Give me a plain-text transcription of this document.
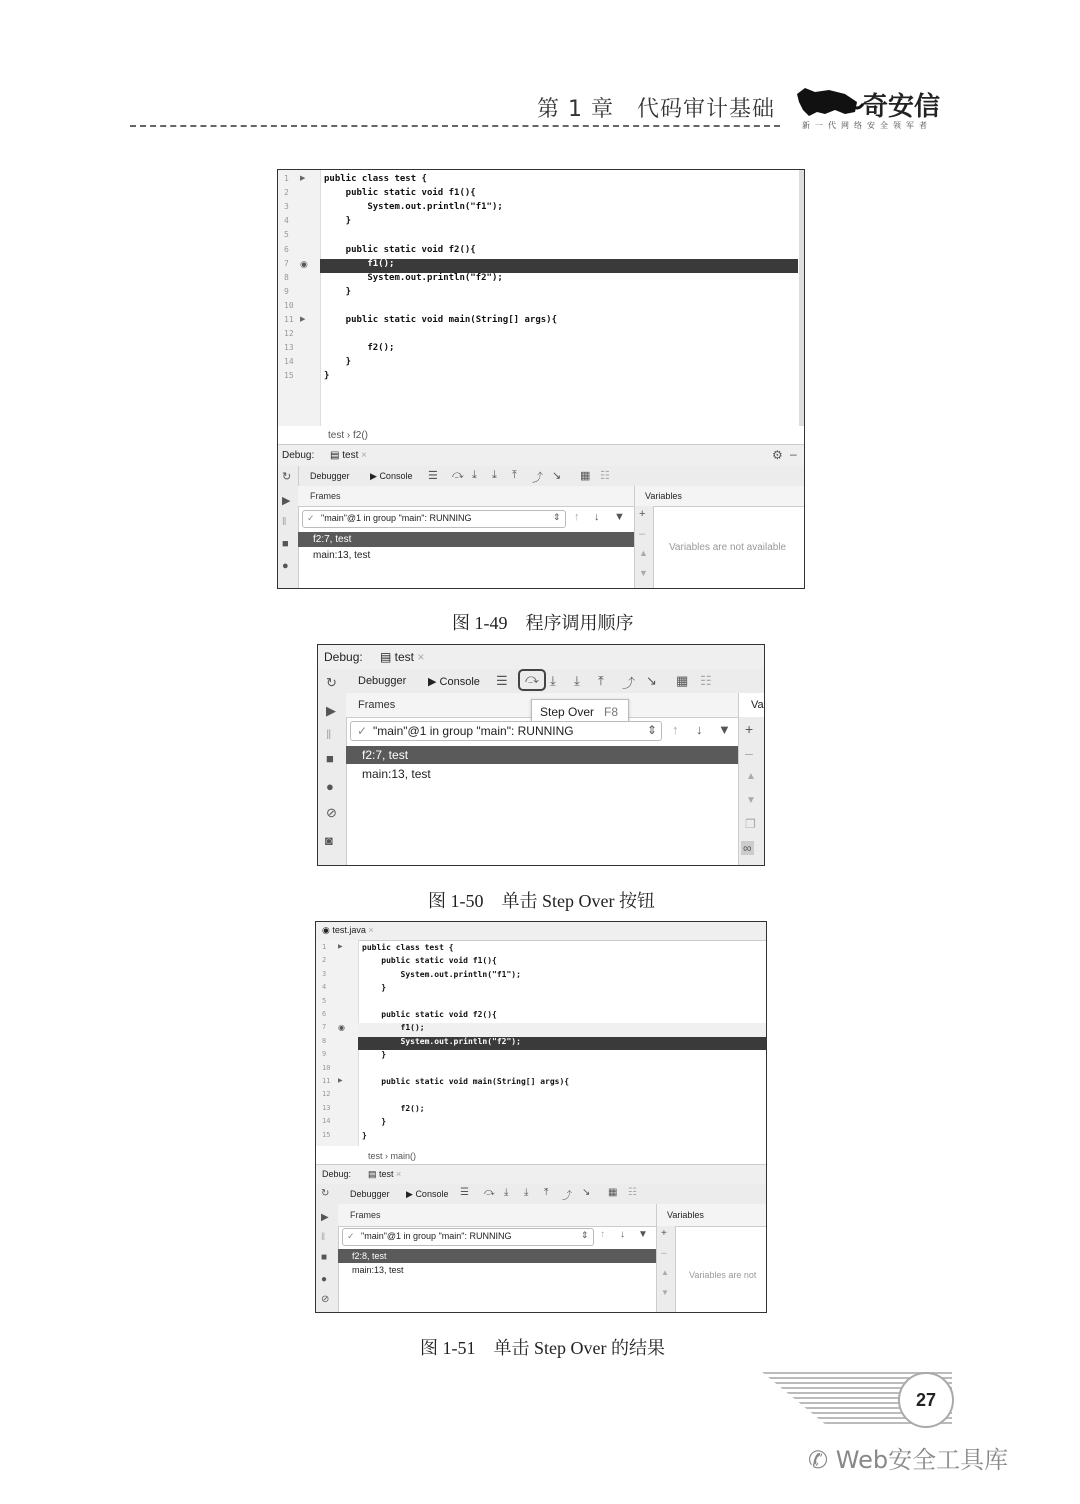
第 1 章　代码审计基础	奇安信
新一代网络安全领军者
1 ▶ public class test {
2	public static void f1(){
3	System.out.println("f1");
4	}
5
6	public static void f2(){
7 ◉ f1();
8	System.out.println("f2");
9	}
10
11 ▶ public static void main(String[] args){
12
13	f2();
14	}
15	}
test › f2()
Debug: ▤ test ×	⚙ –
Debugger ▶ Console ☰ ⤼ ⤓ ⤓ ⤒ ⤴ ↘ ▦ ☷
↻
▶
‖
■
●
Frames
✓ "main"@1 in group "main": RUNNING	⇕ ↑ ↓ ▼
f2:7, test
main:13, test
Variables
+
–
▲
▼
Variables are not available
图 1-49　程序调用顺序
Debug: ▤ test ×
↻
▶
‖
■
●
⊘
◙
Debugger ▶ Console ☰	⤼ ⤓ ⤓ ⤒ ⤴ ↘ ▦ ☷
Frames	Step Over F8
✓ "main"@1 in group "main": RUNNING	⇕ ↑ ↓ ▼
f2:7, test
main:13, test
Va
+
–
▲
▼
❐
∞
图 1-50　单击 Step Over 按钮
◉ test.java ×
1 ▶ public class test {
2	public static void f1(){
3	System.out.println("f1");
4	}
5
6	public static void f2(){
7 ◉ f1();
8	System.out.println("f2");
9	}
10
11 ▶ public static void main(String[] args){
12
13	f2();
14	}
15	}
test › main()
Debug: ▤ test ×
↻
▶
‖
■
●
⊘
Debugger ▶ Console ☰ ⤼ ⤓ ⤓ ⤒ ⤴ ↘ ▦ ☷
Frames
✓ "main"@1 in group "main": RUNNING	⇕ ↑ ↓ ▼
f2:8, test
main:13, test
Variables
+
–
▲
▼
Variables are not
图 1-51　单击 Step Over 的结果
27
✆ Web安全工具库
